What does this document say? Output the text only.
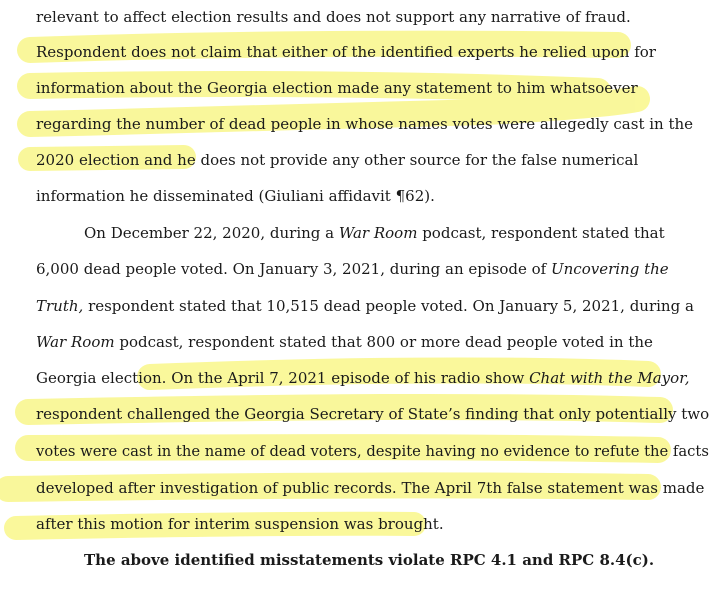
relevant to affect election results and does not support any narrative of fraud.
Respondent does not claim that either of the identified experts he relied upon for
information about the Georgia election made any statement to him whatsoever
regarding the number of dead people in whose names votes were allegedly cast in the
2020 election and he does not provide any other source for the false numerical
information he disseminated (Giuliani affidavit ¶62).
On December 22, 2020, during a War Room podcast, respondent stated that
6,000 dead people voted. On January 3, 2021, during an episode of Uncovering the
Truth, respondent stated that 10,515 dead people voted. On January 5, 2021, during a
War Room podcast, respondent stated that 800 or more dead people voted in the
Georgia election. On the April 7, 2021 episode of his radio show Chat with the Mayor,
respondent challenged the Georgia Secretary of State’s finding that only potentially two
votes were cast in the name of dead voters, despite having no evidence to refute the facts
developed after investigation of public records. The April 7th false statement was made
after this motion for interim suspension was brought.
The above identified misstatements violate RPC 4.1 and RPC 8.4(c).
